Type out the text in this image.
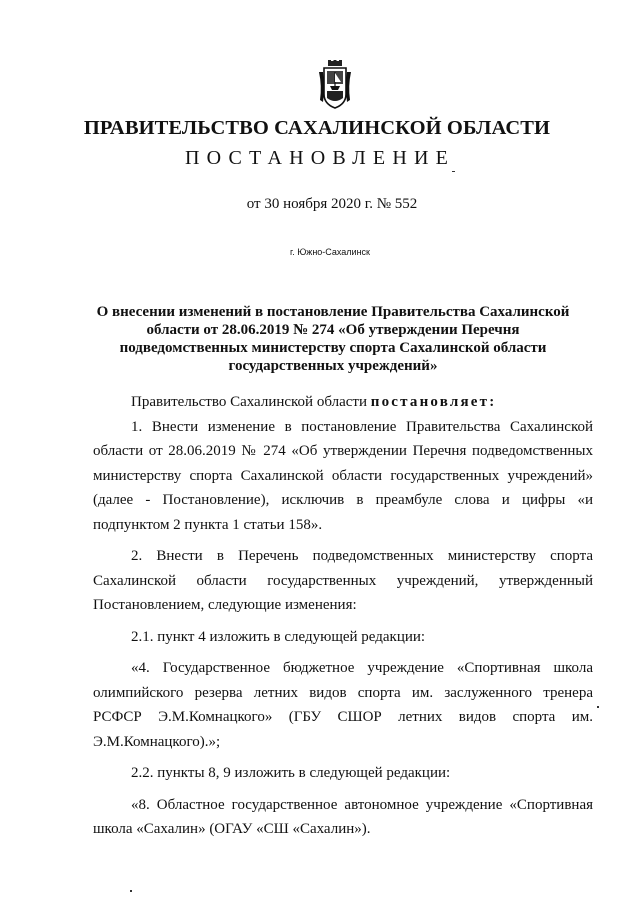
ПРАВИТЕЛЬСТВО САХАЛИНСКОЙ ОБЛАСТИ
ПОСТАНОВЛЕНИЕ
от 30 ноября 2020 г. № 552
г. Южно-Сахалинск
О внесении изменений в постановление Правительства Сахалинской
области от 28.06.2019 № 274 «Об утверждении Перечня
подведомственных министерству спорта Сахалинской области
государственных учреждений»

Правительство Сахалинской области постановляет:

1. Внести изменение в постановление Правительства Сахалинской области от 28.06.2019 № 274 «Об утверждении Перечня подведомственных министерству спорта Сахалинской области государственных учреждений» (далее - Постановление), исключив в преамбуле слова и цифры «и подпунктом 2 пункта 1 статьи 158».

2. Внести в Перечень подведомственных министерству спорта Сахалинской области государственных учреждений, утвержденный Постановлением, следующие изменения:

2.1. пункт 4 изложить в следующей редакции:

«4. Государственное бюджетное учреждение «Спортивная школа олимпийского резерва летних видов спорта им. заслуженного тренера РСФСР Э.М.Комнацкого» (ГБУ СШОР летних видов спорта им. Э.М.Комнацкого).»;

2.2. пункты 8, 9 изложить в следующей редакции:

«8. Областное государственное автономное учреждение «Спортивная школа «Сахалин» (ОГАУ «СШ «Сахалин»).
